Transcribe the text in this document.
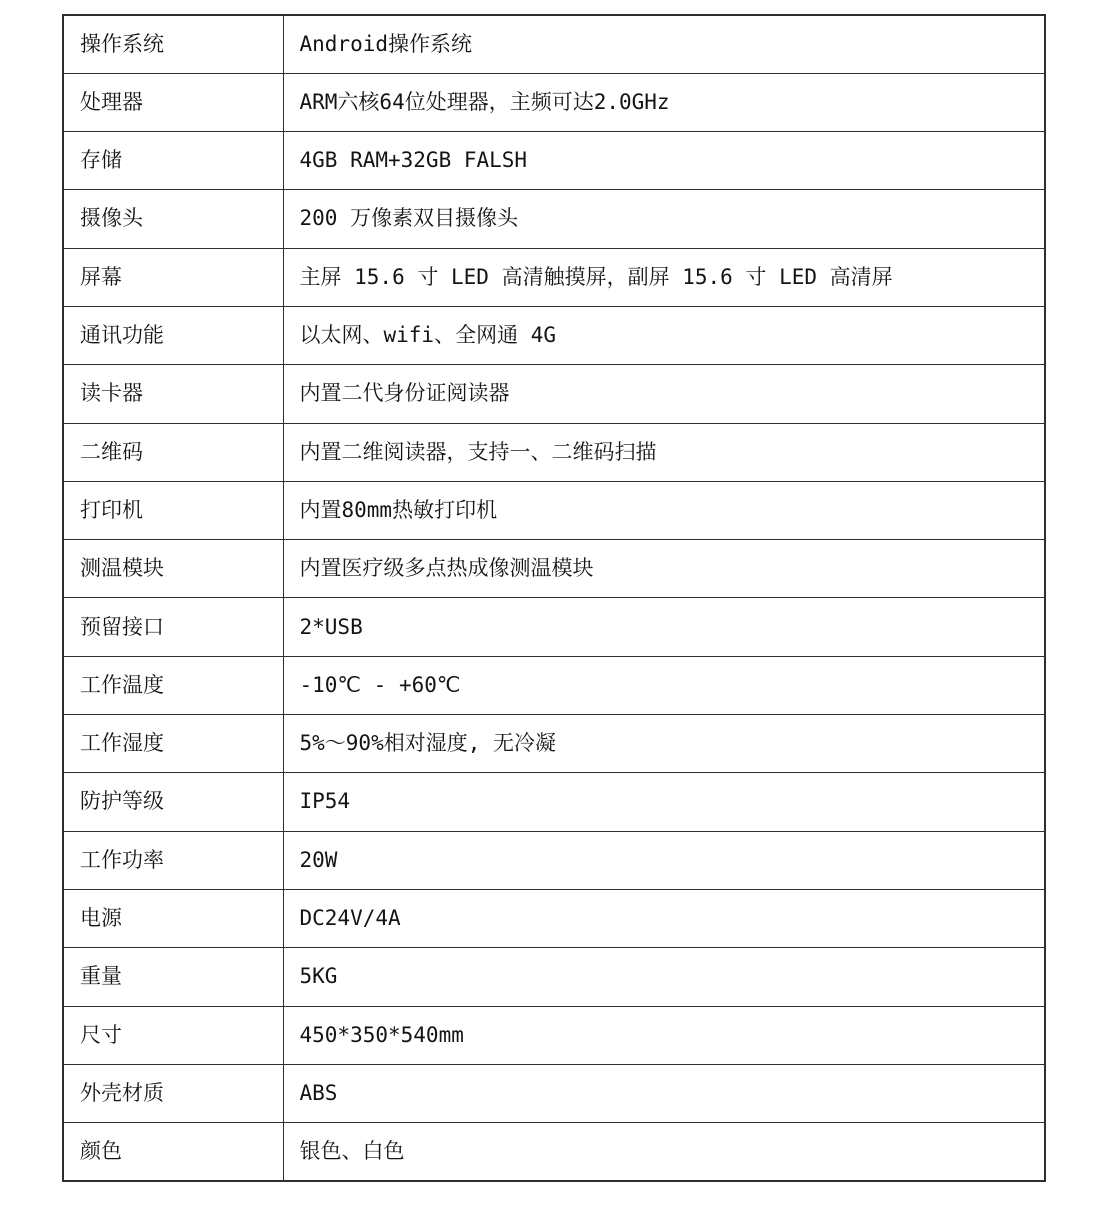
操作系统	Android操作系统
处理器	ARM六核64位处理器，主频可达2.0GHz
存储	4GB RAM+32GB FALSH
摄像头	200 万像素双目摄像头
屏幕	主屏 15.6 寸 LED 高清触摸屏，副屏 15.6 寸 LED 高清屏
通讯功能	以太网、wifi、全网通 4G
读卡器	内置二代身份证阅读器
二维码	内置二维阅读器，支持一、二维码扫描
打印机	内置80mm热敏打印机
测温模块	内置医疗级多点热成像测温模块
预留接口	2*USB
工作温度	-10℃ - +60℃
工作湿度	5%～90%相对湿度, 无冷凝
防护等级	IP54
工作功率	20W
电源	DC24V/4A
重量	5KG
尺寸	450*350*540mm
外壳材质	ABS
颜色	银色、白色
